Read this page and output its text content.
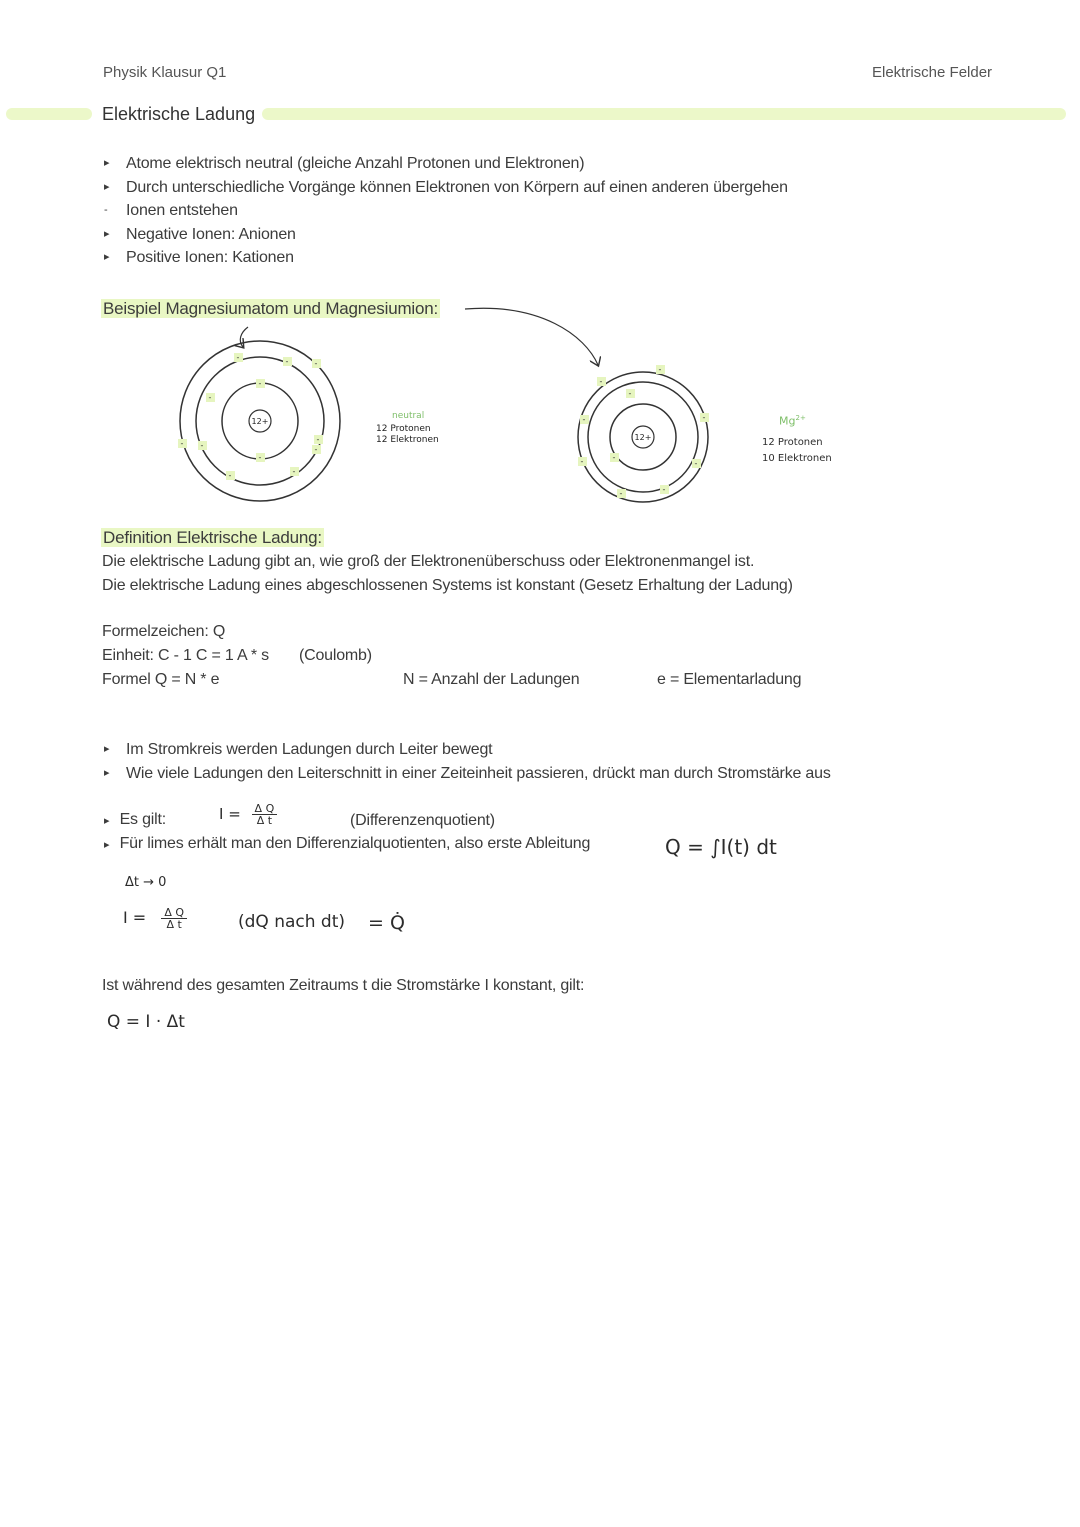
Physik Klausur Q1	Elektrische Felder
Elektrische Ladung
▸ Atome elektrisch neutral (gleiche Anzahl Protonen und Elektronen)
▸ Durch unterschiedliche Vorgänge können Elektronen von Körpern auf einen anderen übergehen
- Ionen entstehen
▸ Negative Ionen: Anionen
▸ Positive Ionen: Kationen
Beispiel Magnesiumatom und Magnesiumion:
12+
-	-	-
-
- -	-
-
-	-
-
-
12+
-
-
-
-
-
-	-
-	-
-
neutral
12 Protonen
12 Elektronen
$Mg^{2+}$
12 Protonen
10 Elektronen
Definition Elektrische Ladung:
Die elektrische Ladung gibt an, wie groß der Elektronenüberschuss oder Elektronenmangel ist.
Die elektrische Ladung eines abgeschlossenen Systems ist konstant (Gesetz Erhaltung der Ladung)
Formelzeichen: Q
Einheit: C - 1 C = 1 A * s (Coulomb)
Formel Q = N * e	N = Anzahl der Ladungen	e = Elementarladung
▸ Im Stromkreis werden Ladungen durch Leiter bewegt
▸ Wie viele Ladungen den Leiterschnitt in einer Zeiteinheit passieren, drückt man durch Stromstärke aus
▸ Es gilt:	$I = \frac{\text{Δ Q}}{\text{Δ t}}$	(Differenzenquotient)
▸ Für limes erhält man den Differenzialquotienten, also erste Ableitung	Q = ∫I(t) dt
Δt → 0
$I = \frac{\text{Δ Q}}{\text{Δ t}}$	(dQ nach dt) = Q̇
Ist während des gesamten Zeitraums t die Stromstärke I konstant, gilt:
Q = I · Δt
